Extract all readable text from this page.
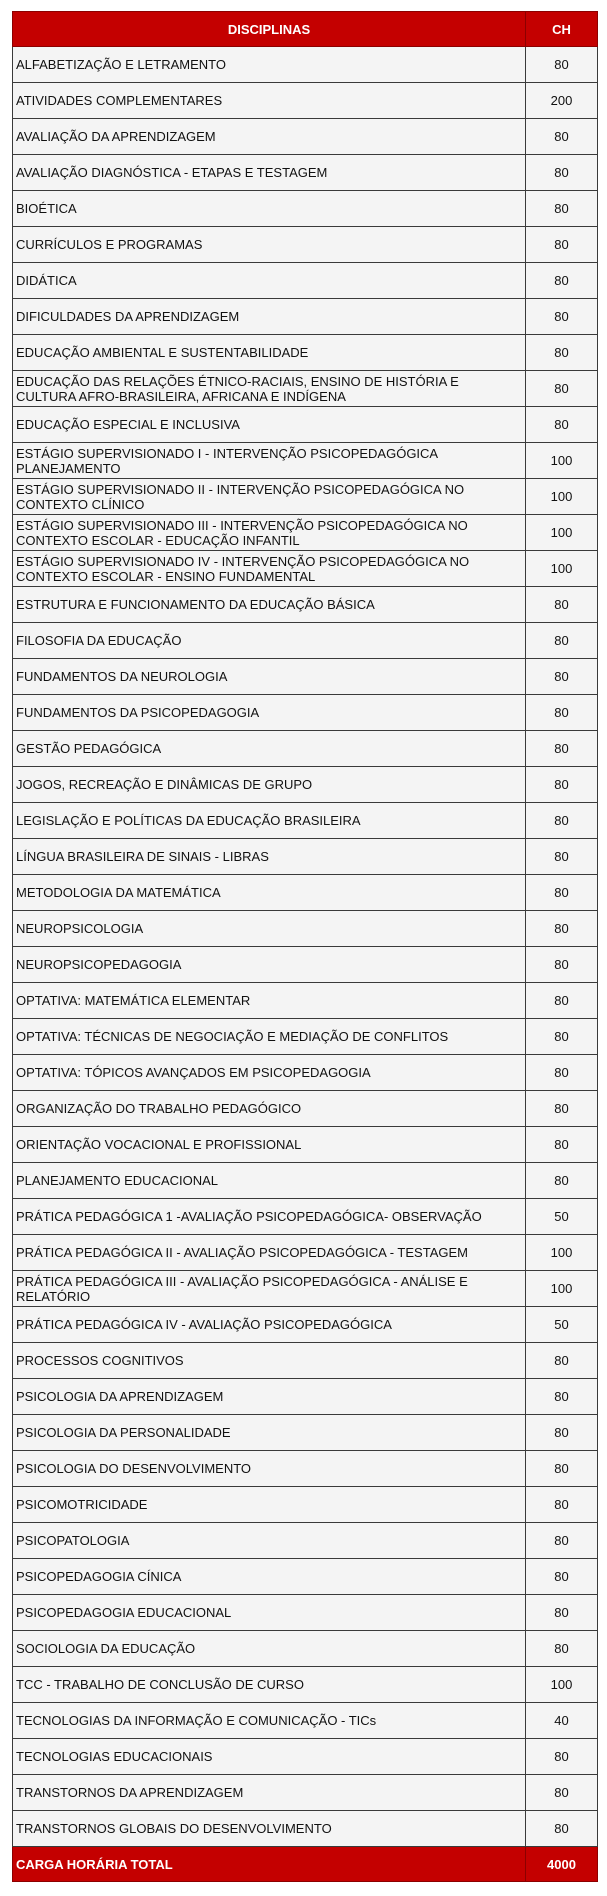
DISCIPLINAS	CH
ALFABETIZAÇÃO E LETRAMENTO	80
ATIVIDADES COMPLEMENTARES	200
AVALIAÇÃO DA APRENDIZAGEM	80
AVALIAÇÃO DIAGNÓSTICA - ETAPAS E TESTAGEM	80
BIOÉTICA	80
CURRÍCULOS E PROGRAMAS	80
DIDÁTICA	80
DIFICULDADES DA APRENDIZAGEM	80
EDUCAÇÃO AMBIENTAL E SUSTENTABILIDADE	80
EDUCAÇÃO DAS RELAÇÕES ÉTNICO-RACIAIS, ENSINO DE HISTÓRIA E CULTURA AFRO-BRASILEIRA, AFRICANA E INDÍGENA	80
EDUCAÇÃO ESPECIAL E INCLUSIVA	80
ESTÁGIO SUPERVISIONADO I - INTERVENÇÃO PSICOPEDAGÓGICA PLANEJAMENTO	100
ESTÁGIO SUPERVISIONADO II - INTERVENÇÃO PSICOPEDAGÓGICA NO CONTEXTO CLÍNICO	100
ESTÁGIO SUPERVISIONADO III - INTERVENÇÃO PSICOPEDAGÓGICA NO CONTEXTO ESCOLAR - EDUCAÇÃO INFANTIL	100
ESTÁGIO SUPERVISIONADO IV - INTERVENÇÃO PSICOPEDAGÓGICA NO CONTEXTO ESCOLAR - ENSINO FUNDAMENTAL	100
ESTRUTURA E FUNCIONAMENTO DA EDUCAÇÃO BÁSICA	80
FILOSOFIA DA EDUCAÇÃO	80
FUNDAMENTOS DA NEUROLOGIA	80
FUNDAMENTOS DA PSICOPEDAGOGIA	80
GESTÃO PEDAGÓGICA	80
JOGOS, RECREAÇÃO E DINÂMICAS DE GRUPO	80
LEGISLAÇÃO E POLÍTICAS DA EDUCAÇÃO BRASILEIRA	80
LÍNGUA BRASILEIRA DE SINAIS - LIBRAS	80
METODOLOGIA DA MATEMÁTICA	80
NEUROPSICOLOGIA	80
NEUROPSICOPEDAGOGIA	80
OPTATIVA: MATEMÁTICA ELEMENTAR	80
OPTATIVA: TÉCNICAS DE NEGOCIAÇÃO E MEDIAÇÃO DE CONFLITOS	80
OPTATIVA: TÓPICOS AVANÇADOS EM PSICOPEDAGOGIA	80
ORGANIZAÇÃO DO TRABALHO PEDAGÓGICO	80
ORIENTAÇÃO VOCACIONAL E PROFISSIONAL	80
PLANEJAMENTO EDUCACIONAL	80
PRÁTICA PEDAGÓGICA 1 -AVALIAÇÃO PSICOPEDAGÓGICA- OBSERVAÇÃO	50
PRÁTICA PEDAGÓGICA II - AVALIAÇÃO PSICOPEDAGÓGICA - TESTAGEM	100
PRÁTICA PEDAGÓGICA III - AVALIAÇÃO PSICOPEDAGÓGICA - ANÁLISE E RELATÓRIO	100
PRÁTICA PEDAGÓGICA IV - AVALIAÇÃO PSICOPEDAGÓGICA	50
PROCESSOS COGNITIVOS	80
PSICOLOGIA DA APRENDIZAGEM	80
PSICOLOGIA DA PERSONALIDADE	80
PSICOLOGIA DO DESENVOLVIMENTO	80
PSICOMOTRICIDADE	80
PSICOPATOLOGIA	80
PSICOPEDAGOGIA CÍNICA	80
PSICOPEDAGOGIA EDUCACIONAL	80
SOCIOLOGIA DA EDUCAÇÃO	80
TCC - TRABALHO DE CONCLUSÃO DE CURSO	100
TECNOLOGIAS DA INFORMAÇÃO E COMUNICAÇÃO - TICs	40
TECNOLOGIAS EDUCACIONAIS	80
TRANSTORNOS DA APRENDIZAGEM	80
TRANSTORNOS GLOBAIS DO DESENVOLVIMENTO	80
CARGA HORÁRIA TOTAL	4000
